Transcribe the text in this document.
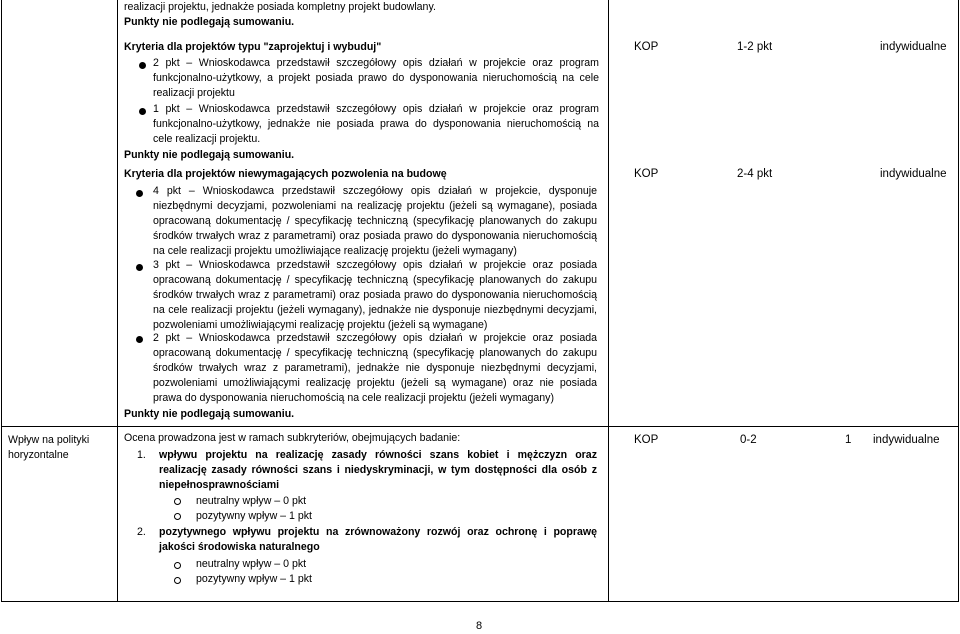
realizacji projektu, jednakże posiada kompletny projekt budowlany.
Punkty nie podlegają sumowaniu.
Kryteria dla projektów typu "zaprojektuj i wybuduj"	KOP	1-2 pkt	indywidualne
2 pkt – Wnioskodawca przedstawił szczegółowy opis działań w projekcie oraz program
funkcjonalno-użytkowy, a projekt posiada prawo do dysponowania nieruchomością na cele
realizacji projektu
1 pkt – Wnioskodawca przedstawił szczegółowy opis działań w projekcie oraz program
funkcjonalno-użytkowy, jednakże nie posiada prawa do dysponowania nieruchomością na
cele realizacji projektu.
Punkty nie podlegają sumowaniu.
Kryteria dla projektów niewymagających pozwolenia na budowę	KOP	2-4 pkt	indywidualne
4 pkt – Wnioskodawca przedstawił szczegółowy opis działań w projekcie, dysponuje
niezbędnymi decyzjami, pozwoleniami na realizację projektu (jeżeli są wymagane), posiada
opracowaną dokumentację / specyfikację techniczną (specyfikację planowanych do zakupu
środków trwałych wraz z parametrami) oraz posiada prawo do dysponowania nieruchomością
na cele realizacji projektu umożliwiające realizację projektu (jeżeli wymagany)
3 pkt – Wnioskodawca przedstawił szczegółowy opis działań w projekcie oraz posiada
opracowaną dokumentację / specyfikację techniczną (specyfikację planowanych do zakupu
środków trwałych wraz z parametrami) oraz posiada prawo do dysponowania nieruchomością
na cele realizacji projektu (jeżeli wymagany), jednakże nie dysponuje niezbędnymi decyzjami,
pozwoleniami umożliwiającymi realizację projektu (jeżeli są wymagane)
2 pkt – Wnioskodawca przedstawił szczegółowy opis działań w projekcie oraz posiada
opracowaną dokumentację / specyfikację techniczną (specyfikację planowanych do zakupu
środków trwałych wraz z parametrami), jednakże nie dysponuje niezbędnymi decyzjami,
pozwoleniami umożliwiającymi realizację projektu (jeżeli są wymagane) oraz nie posiada
prawa do dysponowania nieruchomością na cele realizacji projektu (jeżeli wymagany)
Punkty nie podlegają sumowaniu.
Wpływ na polityki
horyzontalne
Ocena prowadzona jest w ramach subkryteriów, obejmujących badanie:	KOP	0-2	1 indywidualne
1. wpływu projektu na realizację zasady równości szans kobiet i mężczyzn oraz
realizację zasady równości szans i niedyskryminacji, w tym dostępności dla osób z
niepełnosprawnościami
neutralny wpływ – 0 pkt
pozytywny wpływ – 1 pkt
2. pozytywnego wpływu projektu na zrównoważony rozwój oraz ochronę i poprawę
jakości środowiska naturalnego
neutralny wpływ – 0 pkt
pozytywny wpływ – 1 pkt
8
